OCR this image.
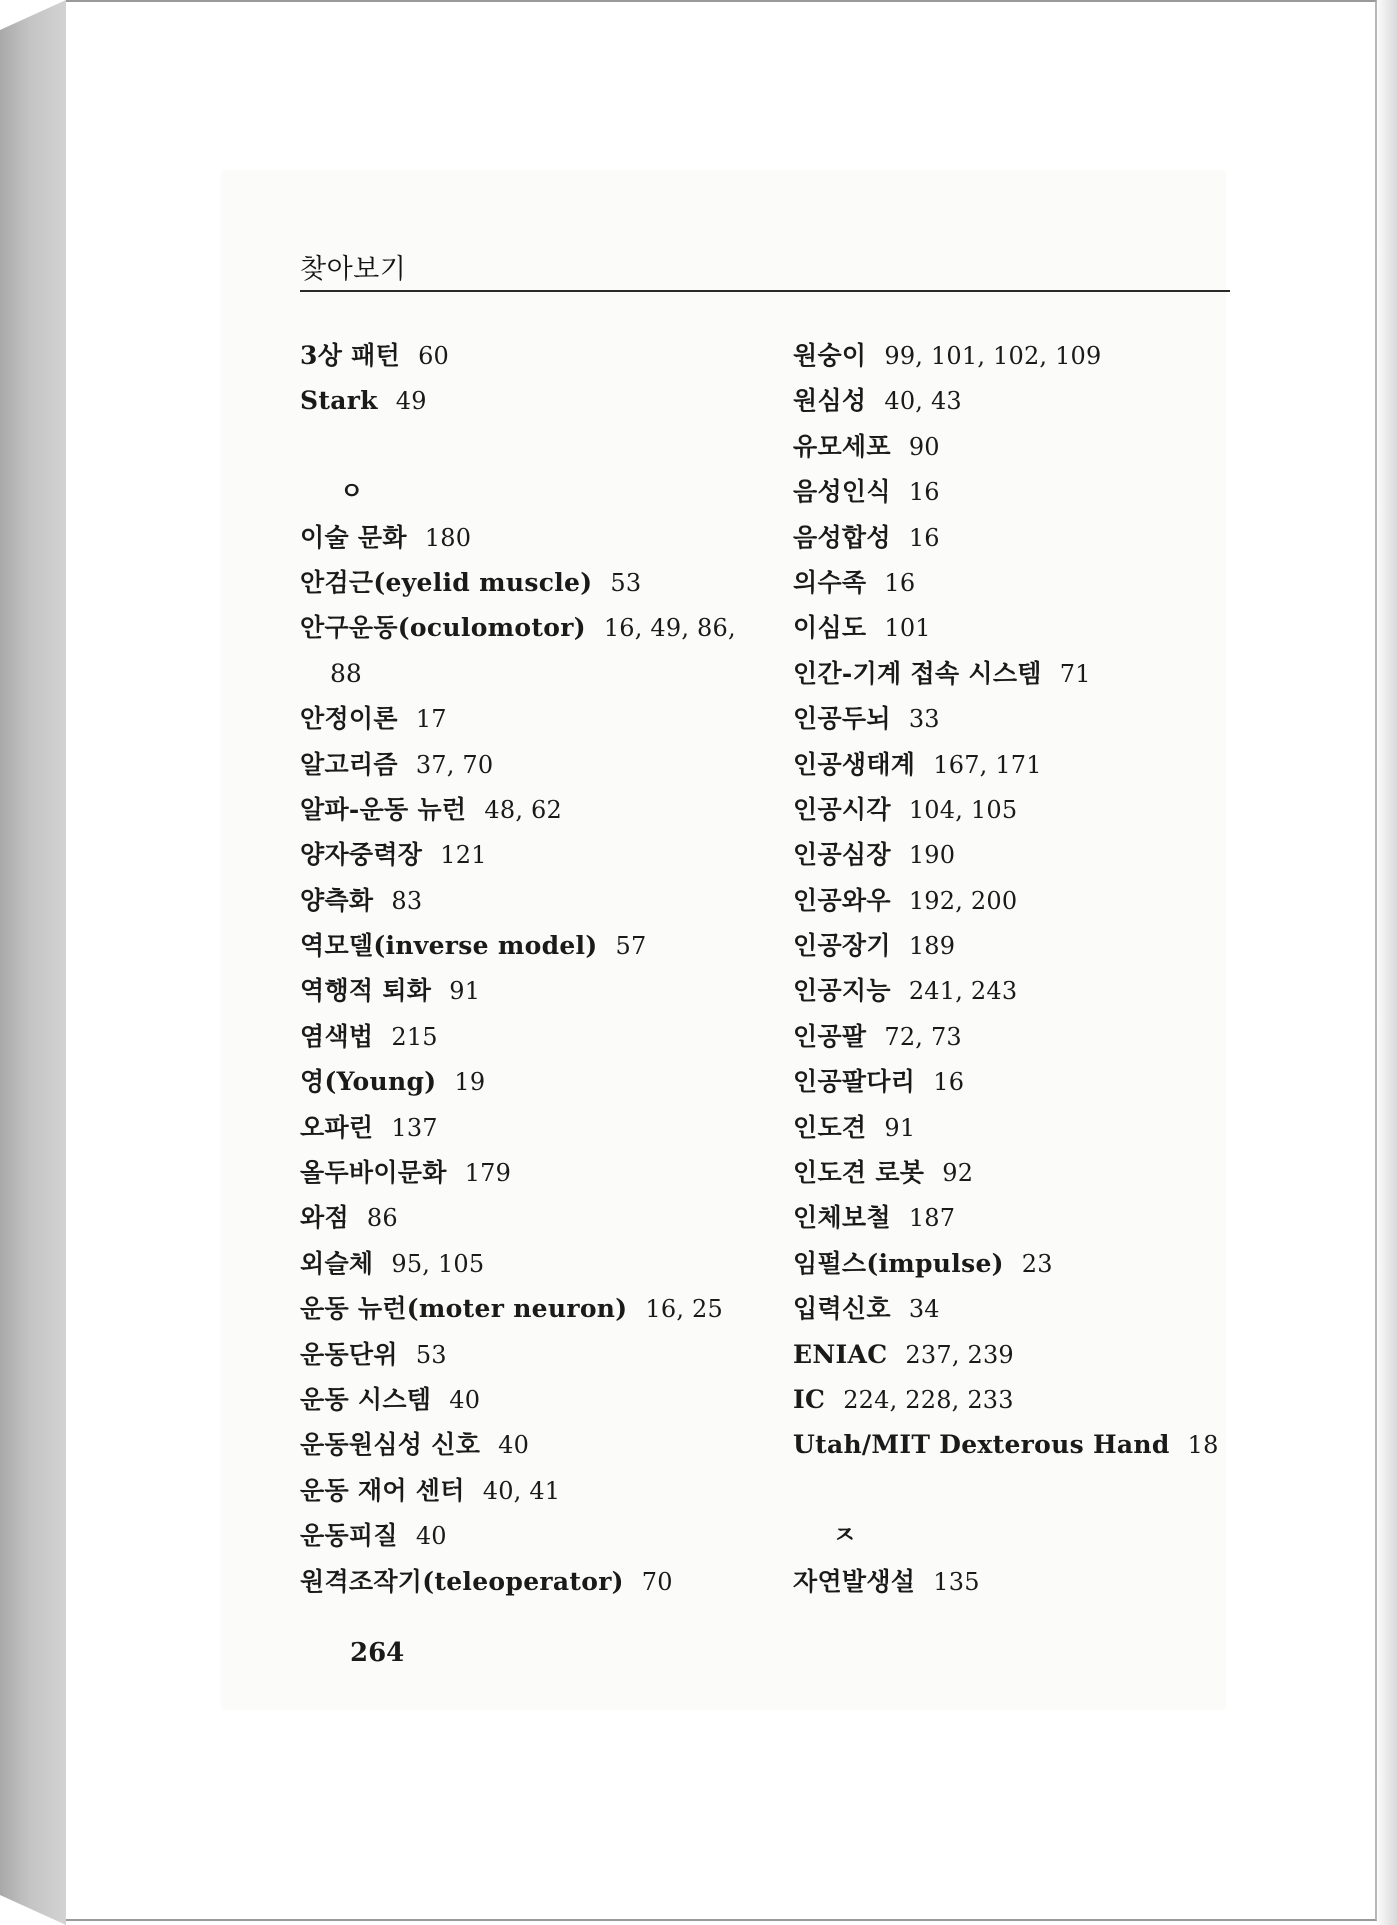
찾아보기
3상 패턴 60
Stark 49
ㅇ
이술 문화 180
안검근(eyelid muscle) 53
안구운동(oculomotor) 16, 49, 86,
88
안정이론 17
알고리즘 37, 70
알파-운동 뉴런 48, 62
양자중력장 121
양측화 83
역모델(inverse model) 57
역행적 퇴화 91
염색법 215
영(Young) 19
오파린 137
올두바이문화 179
와점 86
외슬체 95, 105
운동 뉴런(moter neuron) 16, 25
운동단위 53
운동 시스템 40
운동원심성 신호 40
운동 재어 센터 40, 41
운동피질 40
원격조작기(teleoperator) 70
원숭이 99, 101, 102, 109
원심성 40, 43
유모세포 90
음성인식 16
음성합성 16
의수족 16
이심도 101
인간-기계 접속 시스템 71
인공두뇌 33
인공생태계 167, 171
인공시각 104, 105
인공심장 190
인공와우 192, 200
인공장기 189
인공지능 241, 243
인공팔 72, 73
인공팔다리 16
인도견 91
인도견 로봇 92
인체보철 187
임펄스(impulse) 23
입력신호 34
ENIAC 237, 239
IC 224, 228, 233
Utah/MIT Dexterous Hand 18
ㅈ
자연발생설 135
264
